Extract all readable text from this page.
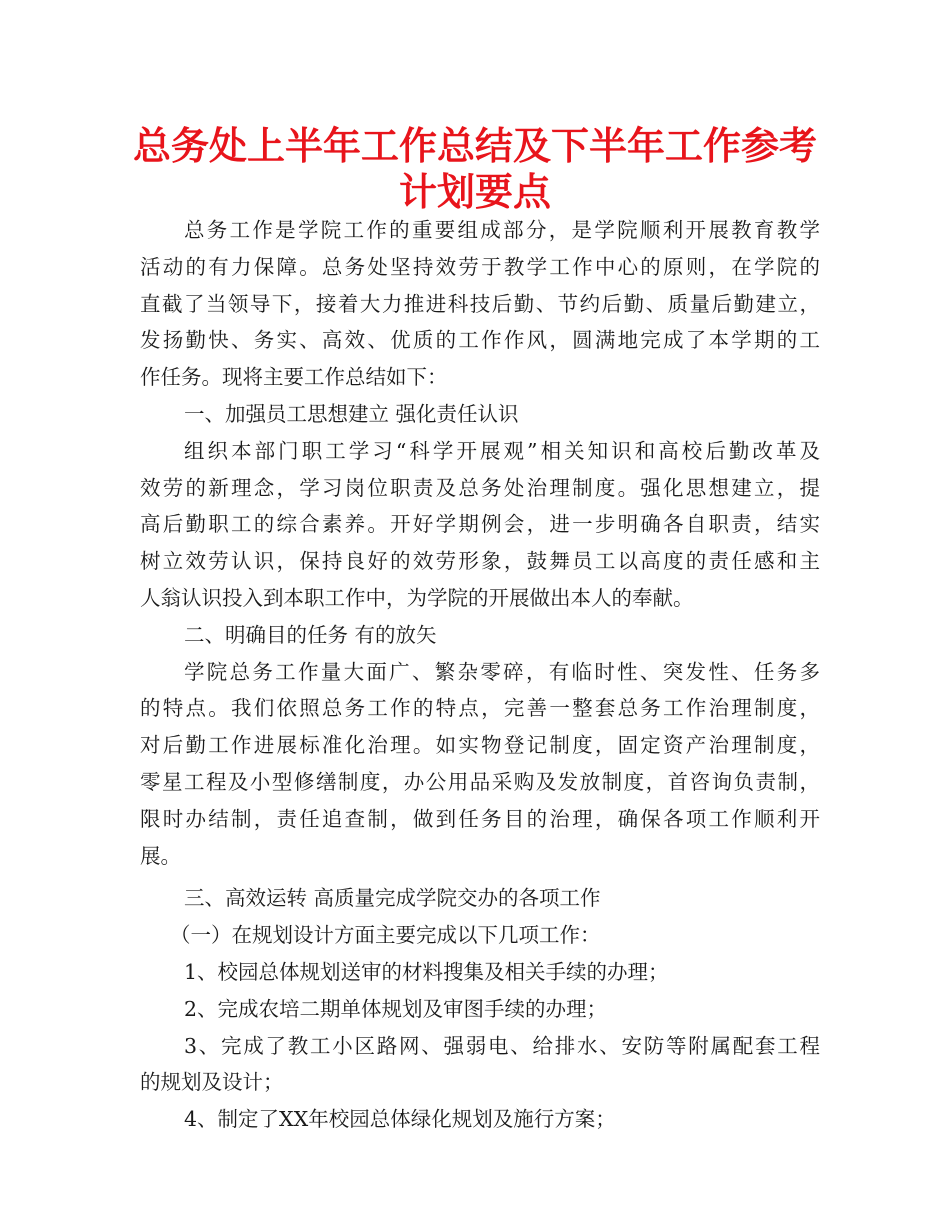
总务处上半年工作总结及下半年工作参考
计划要点
总务工作是学院工作的重要组成部分，是学院顺利开展教育教学
活动的有力保障。总务处坚持效劳于教学工作中心的原则，在学院的
直截了当领导下，接着大力推进科技后勤、节约后勤、质量后勤建立，
发扬勤快、务实、高效、优质的工作作风，圆满地完成了本学期的工
作任务。现将主要工作总结如下：
一、加强员工思想建立 强化责任认识
组织本部门职工学习“科学开展观”相关知识和高校后勤改革及
效劳的新理念，学习岗位职责及总务处治理制度。强化思想建立，提
高后勤职工的综合素养。开好学期例会，进一步明确各自职责，结实
树立效劳认识，保持良好的效劳形象，鼓舞员工以高度的责任感和主
人翁认识投入到本职工作中，为学院的开展做出本人的奉献。
二、明确目的任务 有的放矢
学院总务工作量大面广、繁杂零碎，有临时性、突发性、任务多
的特点。我们依照总务工作的特点，完善一整套总务工作治理制度，
对后勤工作进展标准化治理。如实物登记制度，固定资产治理制度，
零星工程及小型修缮制度，办公用品采购及发放制度，首咨询负责制，
限时办结制，责任追查制，做到任务目的治理，确保各项工作顺利开
展。
三、高效运转 高质量完成学院交办的各项工作
（一）在规划设计方面主要完成以下几项工作：
1、校园总体规划送审的材料搜集及相关手续的办理；
2、完成农培二期单体规划及审图手续的办理；
3、完成了教工小区路网、强弱电、给排水、安防等附属配套工程
的规划及设计；
4、制定了XX年校园总体绿化规划及施行方案；
